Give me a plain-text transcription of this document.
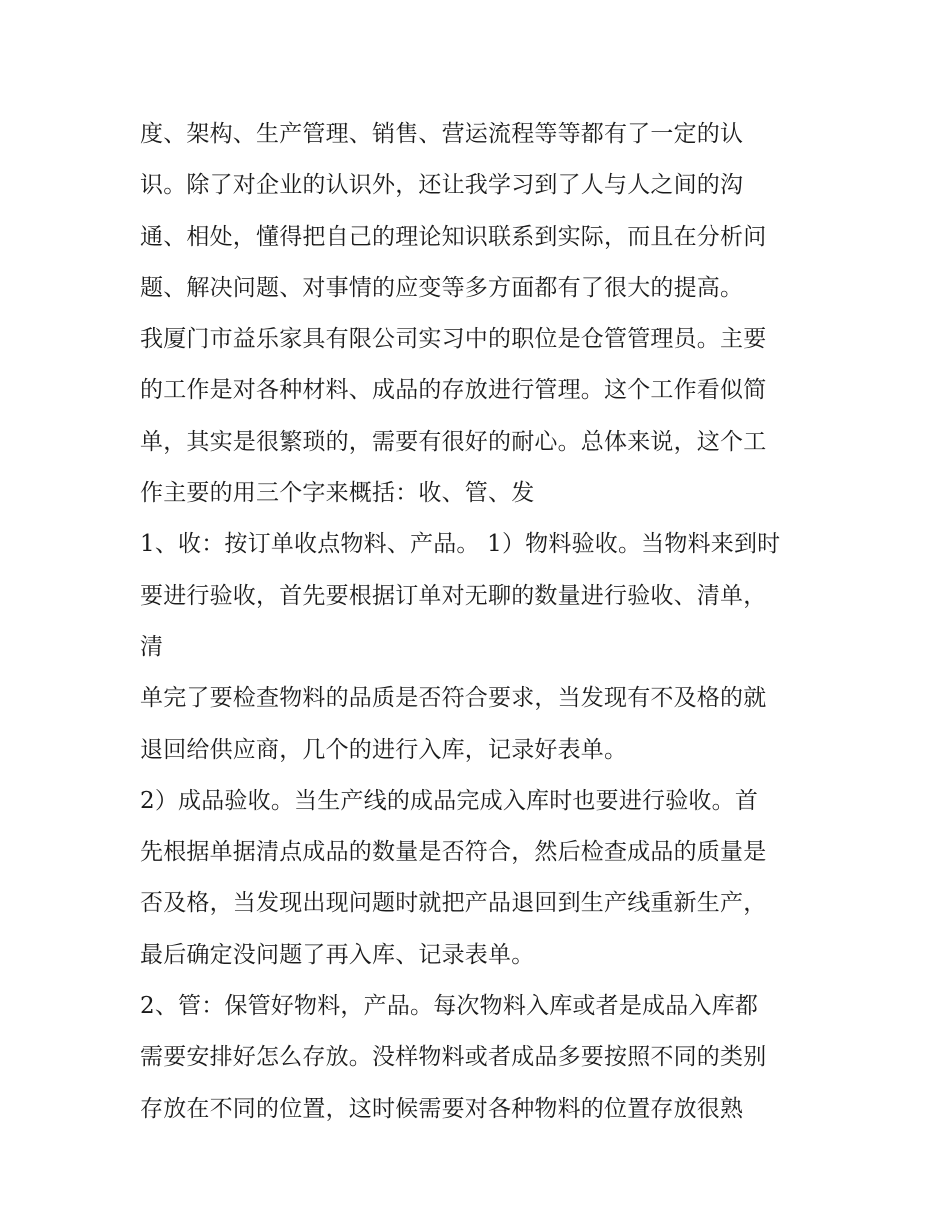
度、架构、生产管理、销售、营运流程等等都有了一定的认
识。除了对企业的认识外，还让我学习到了人与人之间的沟
通、相处，懂得把自己的理论知识联系到实际，而且在分析问
题、解决问题、对事情的应变等多方面都有了很大的提高。
我厦门市益乐家具有限公司实习中的职位是仓管管理员。主要
的工作是对各种材料、成品的存放进行管理。这个工作看似简
单，其实是很繁琐的，需要有很好的耐心。总体来说，这个工
作主要的用三个字来概括：收、管、发
1、收：按订单收点物料、产品。 1）物料验收。当物料来到时
要进行验收，首先要根据订单对无聊的数量进行验收、清单，
清
单完了要检查物料的品质是否符合要求，当发现有不及格的就
退回给供应商，几个的进行入库，记录好表单。
2）成品验收。当生产线的成品完成入库时也要进行验收。首
先根据单据清点成品的数量是否符合，然后检查成品的质量是
否及格，当发现出现问题时就把产品退回到生产线重新生产，
最后确定没问题了再入库、记录表单。
2、管：保管好物料，产品。每次物料入库或者是成品入库都
需要安排好怎么存放。没样物料或者成品多要按照不同的类别
存放在不同的位置，这时候需要对各种物料的位置存放很熟
